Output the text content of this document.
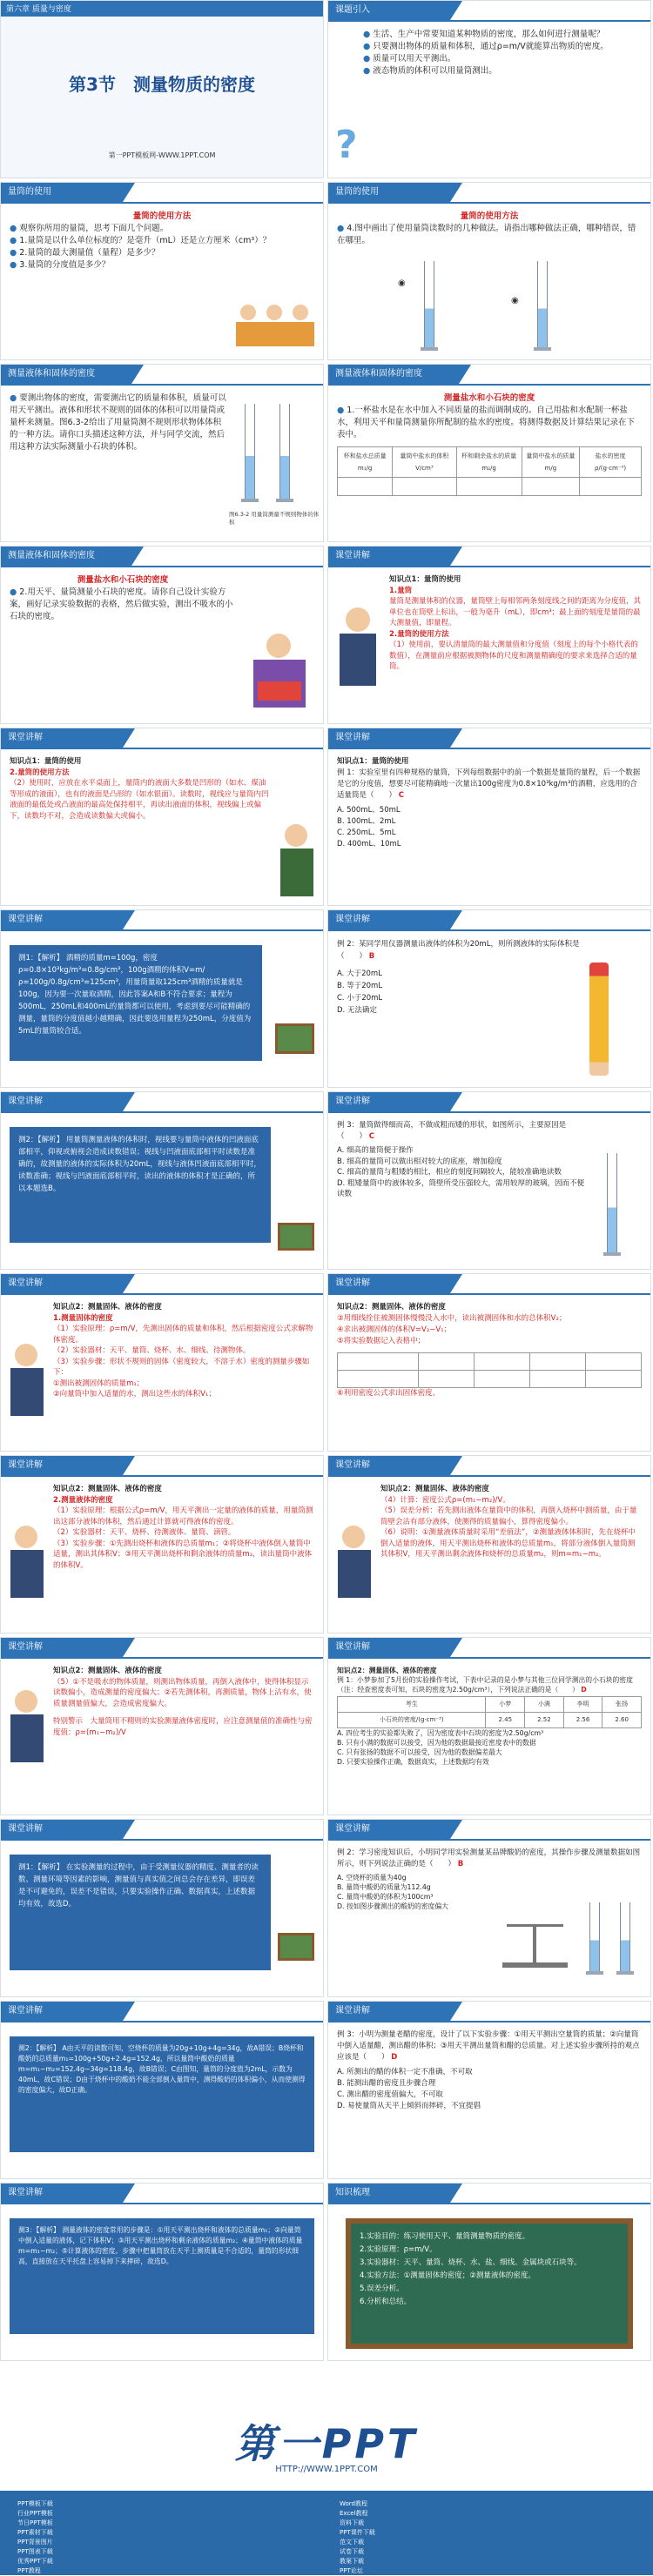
第六章 质量与密度
第3节　测量物质的密度
第一PPT模板网-WWW.1PPT.COM
课题引入
● 生活、生产中常要知道某种物质的密度，那么如何进行测量呢？
● 只要测出物体的质量和体积，通过ρ=m/V就能算出物质的密度。
● 质量可以用天平测出。
● 液态物质的体积可以用量筒测出。
?
量筒的使用
量筒的使用方法
● 观察你所用的量筒，思考下面几个问题。
● 1.量筒是以什么单位标度的？是毫升（mL）还是立方厘米（cm³）？
● 2.量筒的最大测量值（量程）是多少？
● 3.量筒的分度值是多少？
量筒的使用
量筒的使用方法
● 4.图中画出了使用量筒读数时的几种做法。请指出哪种做法正确，哪种错误，错在哪里。
◉
◉
测量液体和固体的密度
● 要测出物体的密度，需要测出它的质量和体积，质量可以用天平测出。液体和形状不规则的固体的体积可以用量筒或量杯来测量。图6.3-2给出了用量筒测不规则形状物体体积的一种方法。请你口头描述这种方法，并与同学交流，然后用这种方法实际测量小石块的体积。
图6.3-2 用量筒测量不规则物体的体积
测量液体和固体的密度
测量盐水和小石块的密度
● 1.一杯盐水是在水中加入不同质量的盐而调制成的。自己用盐和水配制一杯盐水，利用天平和量筒测量你所配制的盐水的密度。将测得数据及计算结果记录在下表中。
杯和盐水总质量m₁/g	量筒中盐水的体积V/cm³	杯和剩余盐水的质量m₂/g	量筒中盐水的质量m/g	盐水的密度ρ/(g·cm⁻³)

测量液体和固体的密度
测量盐水和小石块的密度
● 2.用天平、量筒测量小石块的密度。请你自己设计实验方案，画好记录实验数据的表格，然后做实验，测出不吸水的小石块的密度。
课堂讲解
知识点1：量筒的使用
1.量筒
量筒是测量体积的仪器，量筒壁上每相邻两条刻度线之间的距离为分度值，其单位也在筒壁上标出，一般为毫升（mL），即cm³；最上面的刻度是量筒的最大测量值，即量程。
2.量筒的使用方法
（1）使用前，要认清量筒的最大测量值和分度值（刻度上的每个小格代表的数值），在测量前应根据被测物体的尺度和测量精确度的要求来选择合适的量筒。
课堂讲解
知识点1：量筒的使用
2.量筒的使用方法
（2）使用时，应放在水平桌面上，量筒内的液面大多数是凹形的（如水、煤油等形成的液面），也有的液面是凸形的（如水银面）。读数时，视线应与量筒内凹液面的最低处或凸液面的最高处保持相平，再读出液面的体积，视线偏上或偏下，读数均不对，会造成读数偏大或偏小。
课堂讲解
知识点1：量筒的使用
例 1：实验室里有四种规格的量筒，下列每组数据中的前一个数据是量筒的量程，后一个数据是它的分度值，想要尽可能精确地一次量出100g密度为0.8×10³kg/m³的酒精，应选用的合适量筒是（　　） C
A. 500mL、50mL
B. 100mL、2mL
C. 250mL、5mL
D. 400mL、10mL
课堂讲解
测1：【解析】 酒精的质量m=100g，密度ρ=0.8×10³kg/m³=0.8g/cm³，100g酒精的体积V=m/ρ=100g/0.8g/cm³=125cm³，用量筒量取125cm³酒精的质量就是100g，因为要一次量取酒精，因此答案A和B不符合要求；量程为500mL，250mL和400mL的量筒都可以使用，考虑到要尽可能精确的测量，量筒的分度值越小越精确，因此要选用量程为250mL，分度值为5mL的量筒较合适。
课堂讲解
例 2：某同学用仪器测量出液体的体积为20mL，则所测液体的实际体积是（　　） B
A. 大于20mL
B. 等于20mL
C. 小于20mL
D. 无法确定
课堂讲解
测2：【解析】 用量筒测量液体的体积时，视线要与量筒中液体的凹液面底部相平，仰视或俯视会造成读数错误；视线与凹液面底部相平时读数是准确的，故测量的液体的实际体积为20mL，视线与液体凹液面底部相平时，读数准确；视线与凹液面底部相平时，读出的液体的体积才是正确的，所以本题选B。
课堂讲解
例 3：量筒做得细而高，不做成粗而矮的形状，如图所示，主要原因是（　　） C
A. 细高的量筒便于操作
B. 细高的量筒可以做出相对较大的底座，增加稳度
C. 细高的量筒与粗矮的相比，相应的刻度间隔较大，能较准确地读数
D. 粗矮量筒中的液体较多，筒壁所受压强较大，需用较厚的玻璃，因而不便读数
课堂讲解
知识点2：测量固体、液体的密度
1.测量固体的密度
（1）实验原理：ρ=m/V，先测出固体的质量和体积，然后根据密度公式求解物体密度。
（2）实验器材：天平、量筒、烧杯、水、细线、待测物体。
（3）实验步骤：形状不规则的固体（密度较大，不溶于水）密度的测量步骤如下：
①测出被测固体的质量m₁；
②向量筒中加入适量的水，测出这些水的体积V₁；
课堂讲解
知识点2：测量固体、液体的密度
③用细线拴住被测固体慢慢没入水中，读出被测固体和水的总体积V₂；
④求出被测固体的体积V=V₂−V₁；
⑤将实验数据记入表格中；

⑥利用密度公式求出固体密度。
课堂讲解
知识点2：测量固体、液体的密度
2.测量液体的密度
（1）实验原理：根据公式ρ=m/V，用天平测出一定量的液体的质量，用量筒测出这部分液体的体积，然后通过计算就可得液体的密度。
（2）实验器材：天平、烧杯、待测液体、量筒、滴管。
（3）实验步骤：①先测出烧杯和液体的总质量m₁；②将烧杯中液体倒入量筒中适量，测出其体积V；③用天平测出烧杯和剩余液体的质量m₂，读出量筒中液体的体积V。
课堂讲解
知识点2：测量固体、液体的密度
（4）计算：密度公式ρ=(m₁−m₂)/V。
（5）误差分析：若先测出液体在量筒中的体积，再倒入烧杯中测质量，由于量筒壁会沾有部分液体，使测得的质量偏小，算得密度偏小。
（6）说明：①测量液体质量时采用“差值法”，②测量液体体积时，先在烧杯中倒入适量的液体，用天平测出烧杯和液体的总质量m₁，将部分液体倒入量筒测其体积V，用天平测出剩余液体和烧杯的总质量m₂，则m=m₁−m₂。
课堂讲解
知识点2：测量固体、液体的密度
（5）①不是吸水的物体质量，则测出物体质量，再倒入液体中，使得体积显示读数偏小，造成测量的密度偏大；②若先测体积，再测质量，物体上沾有水，使质量测量值偏大，会造成密度偏大。
特别警示　大量筒用不精则的实验测量液体密度时，应注意测量值的准确性与密度值：ρ=(m₁−m₂)/V
课堂讲解
知识点2：测量固体、液体的密度
例 1：小梦参加了5月份的实验操作考试，下表中记录的是小梦与其他三位同学测出的小石块的密度（注：经查密度表可知，石块的密度为2.50g/cm³），下列说法正确的是（　　） D
考生	小梦	小满	李明	张扬
小石块的密度/(g·cm⁻³)	2.45	2.52	2.56	2.60
A. 四位考生的实验都失败了，因为密度表中石块的密度为2.50g/cm³
B. 只有小满的数据可以接受，因为他的数据最接近密度表中的数据
C. 只有张扬的数据不可以接受，因为他的数据偏差最大
D. 只要实验操作正确，数据真实，上述数据均有效
课堂讲解
测1：【解析】 在实验测量的过程中，由于受测量仪器的精度、测量者的读数、测量环境等因素的影响，测量值与真实值之间总会存在差异，即误差是不可避免的，误差不是错误，只要实验操作正确、数据真实，上述数据均有效，故选D。
课堂讲解
例 2：学习密度知识后，小明同学用实验测量某品牌酸奶的密度，其操作步骤及测量数据如图所示，则下列说法正确的是（　　） B
A. 空烧杯的质量为40g
B. 量筒中酸奶的质量为112.4g
C. 量筒中酸奶的体积为100cm³
D. 按如图步骤测出的酸奶的密度偏大
课堂讲解
测2：【解析】 A由天平的读数可知，空烧杯的质量为20g+10g+4g=34g，故A错误；B烧杯和酸奶的总质量m₁=100g+50g+2.4g=152.4g，所以量筒中酸奶的质量m=m₁−m₂=152.4g−34g=118.4g，故B错误；C由图知，量筒的分度值为2mL，示数为40mL，故C错误；D由于烧杯中的酸奶不能全部倒入量筒中，测得酸奶的体积偏小，从而使测得的密度偏大，故D正确。
课堂讲解
例 3：小明为测量老醋的密度，设计了以下实验步骤：①用天平测出空量筒的质量；②向量筒中倒入适量醋，测出醋的体积；③用天平测出量筒和醋的总质量。对上述实验步骤所持的观点应该是（　　） D
A. 所测出的醋的体积一定不准确，不可取
B. 能测出醋的密度且步骤合理
C. 测出醋的密度值偏大，不可取
D. 易使量筒从天平上倾斜而摔碎，不宜提倡
课堂讲解
测3：【解析】 测量液体的密度常用的步骤是：①用天平测出烧杯和液体的总质量m₁；②向量筒中倒入适量的液体，记下体积V；③用天平测出烧杯和剩余液体的质量m₂；④量筒中液体的质量m=m₁−m₂；⑤计算液体的密度。步骤中把量筒放在天平上测质量是不合适的，量筒的形状细高，直接放在天平托盘上容易掉下来摔碎，故选D。
知识梳理
1.实验目的：练习使用天平、量筒测量物质的密度。
2.实验原理：ρ=m/V。
3.实验器材：天平、量筒、烧杯、水、盐、细线、金属块或石块等。
4.实验方法：①测量固体的密度；②测量液体的密度。
5.误差分析。
6.分析和总结。
第一PPT
HTTP://WWW.1PPT.COM
PPT模板下载
行业PPT模板
节日PPT模板
PPT素材下载
PPT背景图片
PPT图表下载
优秀PPT下载
PPT教程
Word教程
Excel教程
资料下载
PPT课件下载
范文下载
试卷下载
教案下载
PPT论坛
